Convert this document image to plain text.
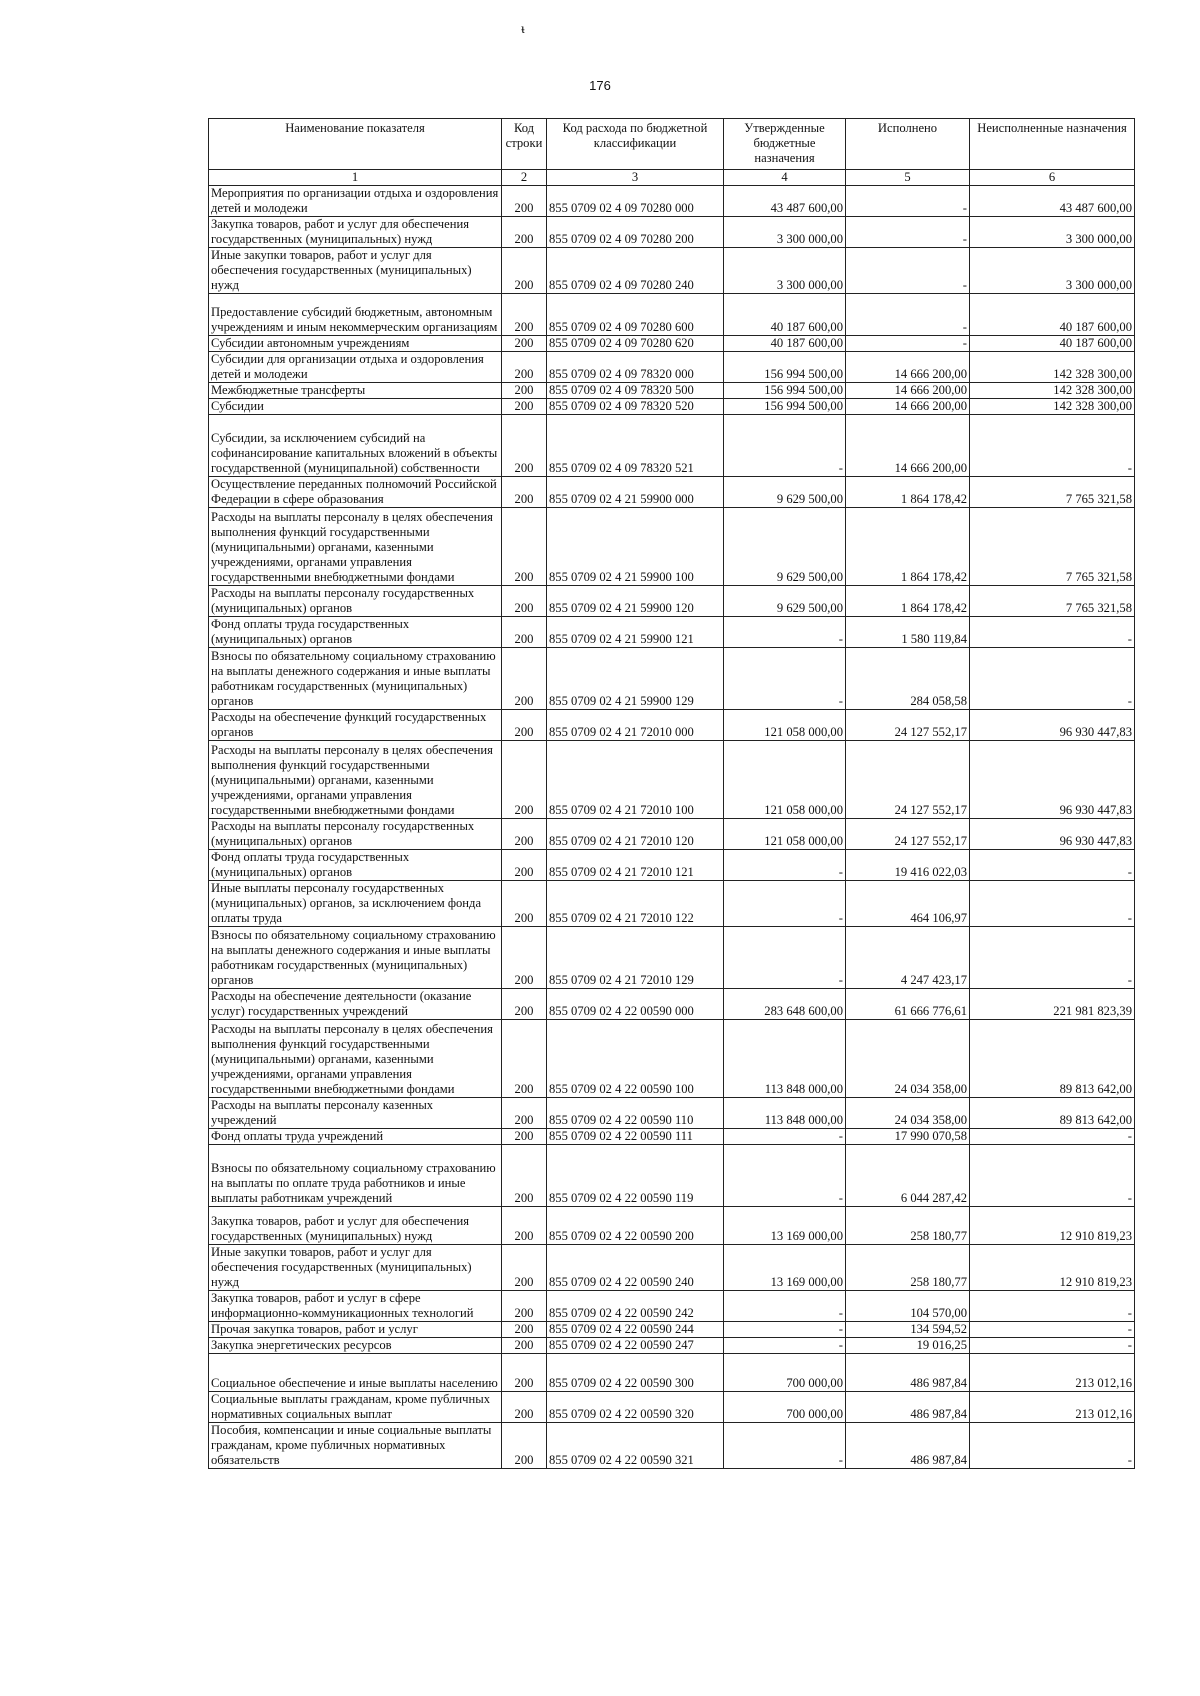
ᵼ
176
Наименование показателя	Код строки	Код расхода по бюджетной классификации	Утвержденные бюджетные назначения	Исполнено	Неисполненные назначения
1	2	3	4	5	6
Мероприятия по организации отдыха и оздоровления детей и молодежи	200	855 0709 02 4 09 70280 000	43 487 600,00	-	43 487 600,00
Закупка товаров, работ и услуг для обеспечения государственных (муниципальных) нужд	200	855 0709 02 4 09 70280 200	3 300 000,00	-	3 300 000,00
Иные закупки товаров, работ и услуг для обеспечения государственных (муниципальных) нужд	200	855 0709 02 4 09 70280 240	3 300 000,00	-	3 300 000,00
Предоставление субсидий бюджетным, автономным учреждениям и иным некоммерческим организациям	200	855 0709 02 4 09 70280 600	40 187 600,00	-	40 187 600,00
Субсидии автономным учреждениям	200	855 0709 02 4 09 70280 620	40 187 600,00	-	40 187 600,00
Субсидии для организации отдыха и оздоровления детей и молодежи	200	855 0709 02 4 09 78320 000	156 994 500,00	14 666 200,00	142 328 300,00
Межбюджетные трансферты	200	855 0709 02 4 09 78320 500	156 994 500,00	14 666 200,00	142 328 300,00
Субсидии	200	855 0709 02 4 09 78320 520	156 994 500,00	14 666 200,00	142 328 300,00
Субсидии, за исключением субсидий на софинансирование капитальных вложений в объекты государственной (муниципальной) собственности	200	855 0709 02 4 09 78320 521	-	14 666 200,00	-
Осуществление переданных полномочий Российской Федерации в сфере образования	200	855 0709 02 4 21 59900 000	9 629 500,00	1 864 178,42	7 765 321,58
Расходы на выплаты персоналу в целях обеспечения выполнения функций государственными (муниципальными) органами, казенными учреждениями, органами управления государственными внебюджетными фондами	200	855 0709 02 4 21 59900 100	9 629 500,00	1 864 178,42	7 765 321,58
Расходы на выплаты персоналу государственных (муниципальных) органов	200	855 0709 02 4 21 59900 120	9 629 500,00	1 864 178,42	7 765 321,58
Фонд оплаты труда государственных (муниципальных) органов	200	855 0709 02 4 21 59900 121	-	1 580 119,84	-
Взносы по обязательному социальному страхованию на выплаты денежного содержания и иные выплаты работникам государственных (муниципальных) органов	200	855 0709 02 4 21 59900 129	-	284 058,58	-
Расходы на обеспечение функций государственных органов	200	855 0709 02 4 21 72010 000	121 058 000,00	24 127 552,17	96 930 447,83
Расходы на выплаты персоналу в целях обеспечения выполнения функций государственными (муниципальными) органами, казенными учреждениями, органами управления государственными внебюджетными фондами	200	855 0709 02 4 21 72010 100	121 058 000,00	24 127 552,17	96 930 447,83
Расходы на выплаты персоналу государственных (муниципальных) органов	200	855 0709 02 4 21 72010 120	121 058 000,00	24 127 552,17	96 930 447,83
Фонд оплаты труда государственных (муниципальных) органов	200	855 0709 02 4 21 72010 121	-	19 416 022,03	-
Иные выплаты персоналу государственных (муниципальных) органов, за исключением фонда оплаты труда	200	855 0709 02 4 21 72010 122	-	464 106,97	-
Взносы по обязательному социальному страхованию на выплаты денежного содержания и иные выплаты работникам государственных (муниципальных) органов	200	855 0709 02 4 21 72010 129	-	4 247 423,17	-
Расходы на обеспечение деятельности (оказание услуг) государственных учреждений	200	855 0709 02 4 22 00590 000	283 648 600,00	61 666 776,61	221 981 823,39
Расходы на выплаты персоналу в целях обеспечения выполнения функций государственными (муниципальными) органами, казенными учреждениями, органами управления государственными внебюджетными фондами	200	855 0709 02 4 22 00590 100	113 848 000,00	24 034 358,00	89 813 642,00
Расходы на выплаты персоналу казенных учреждений	200	855 0709 02 4 22 00590 110	113 848 000,00	24 034 358,00	89 813 642,00
Фонд оплаты труда учреждений	200	855 0709 02 4 22 00590 111	-	17 990 070,58	-
Взносы по обязательному социальному страхованию на выплаты по оплате труда работников и иные выплаты работникам учреждений	200	855 0709 02 4 22 00590 119	-	6 044 287,42	-
Закупка товаров, работ и услуг для обеспечения государственных (муниципальных) нужд	200	855 0709 02 4 22 00590 200	13 169 000,00	258 180,77	12 910 819,23
Иные закупки товаров, работ и услуг для обеспечения государственных (муниципальных) нужд	200	855 0709 02 4 22 00590 240	13 169 000,00	258 180,77	12 910 819,23
Закупка товаров, работ и услуг в сфере информационно-коммуникационных технологий	200	855 0709 02 4 22 00590 242	-	104 570,00	-
Прочая закупка товаров, работ и услуг	200	855 0709 02 4 22 00590 244	-	134 594,52	-
Закупка энергетических ресурсов	200	855 0709 02 4 22 00590 247	-	19 016,25	-
Социальное обеспечение и иные выплаты населению	200	855 0709 02 4 22 00590 300	700 000,00	486 987,84	213 012,16
Социальные выплаты гражданам, кроме публичных нормативных социальных выплат	200	855 0709 02 4 22 00590 320	700 000,00	486 987,84	213 012,16
Пособия, компенсации и иные социальные выплаты гражданам, кроме публичных нормативных обязательств	200	855 0709 02 4 22 00590 321	-	486 987,84	-
